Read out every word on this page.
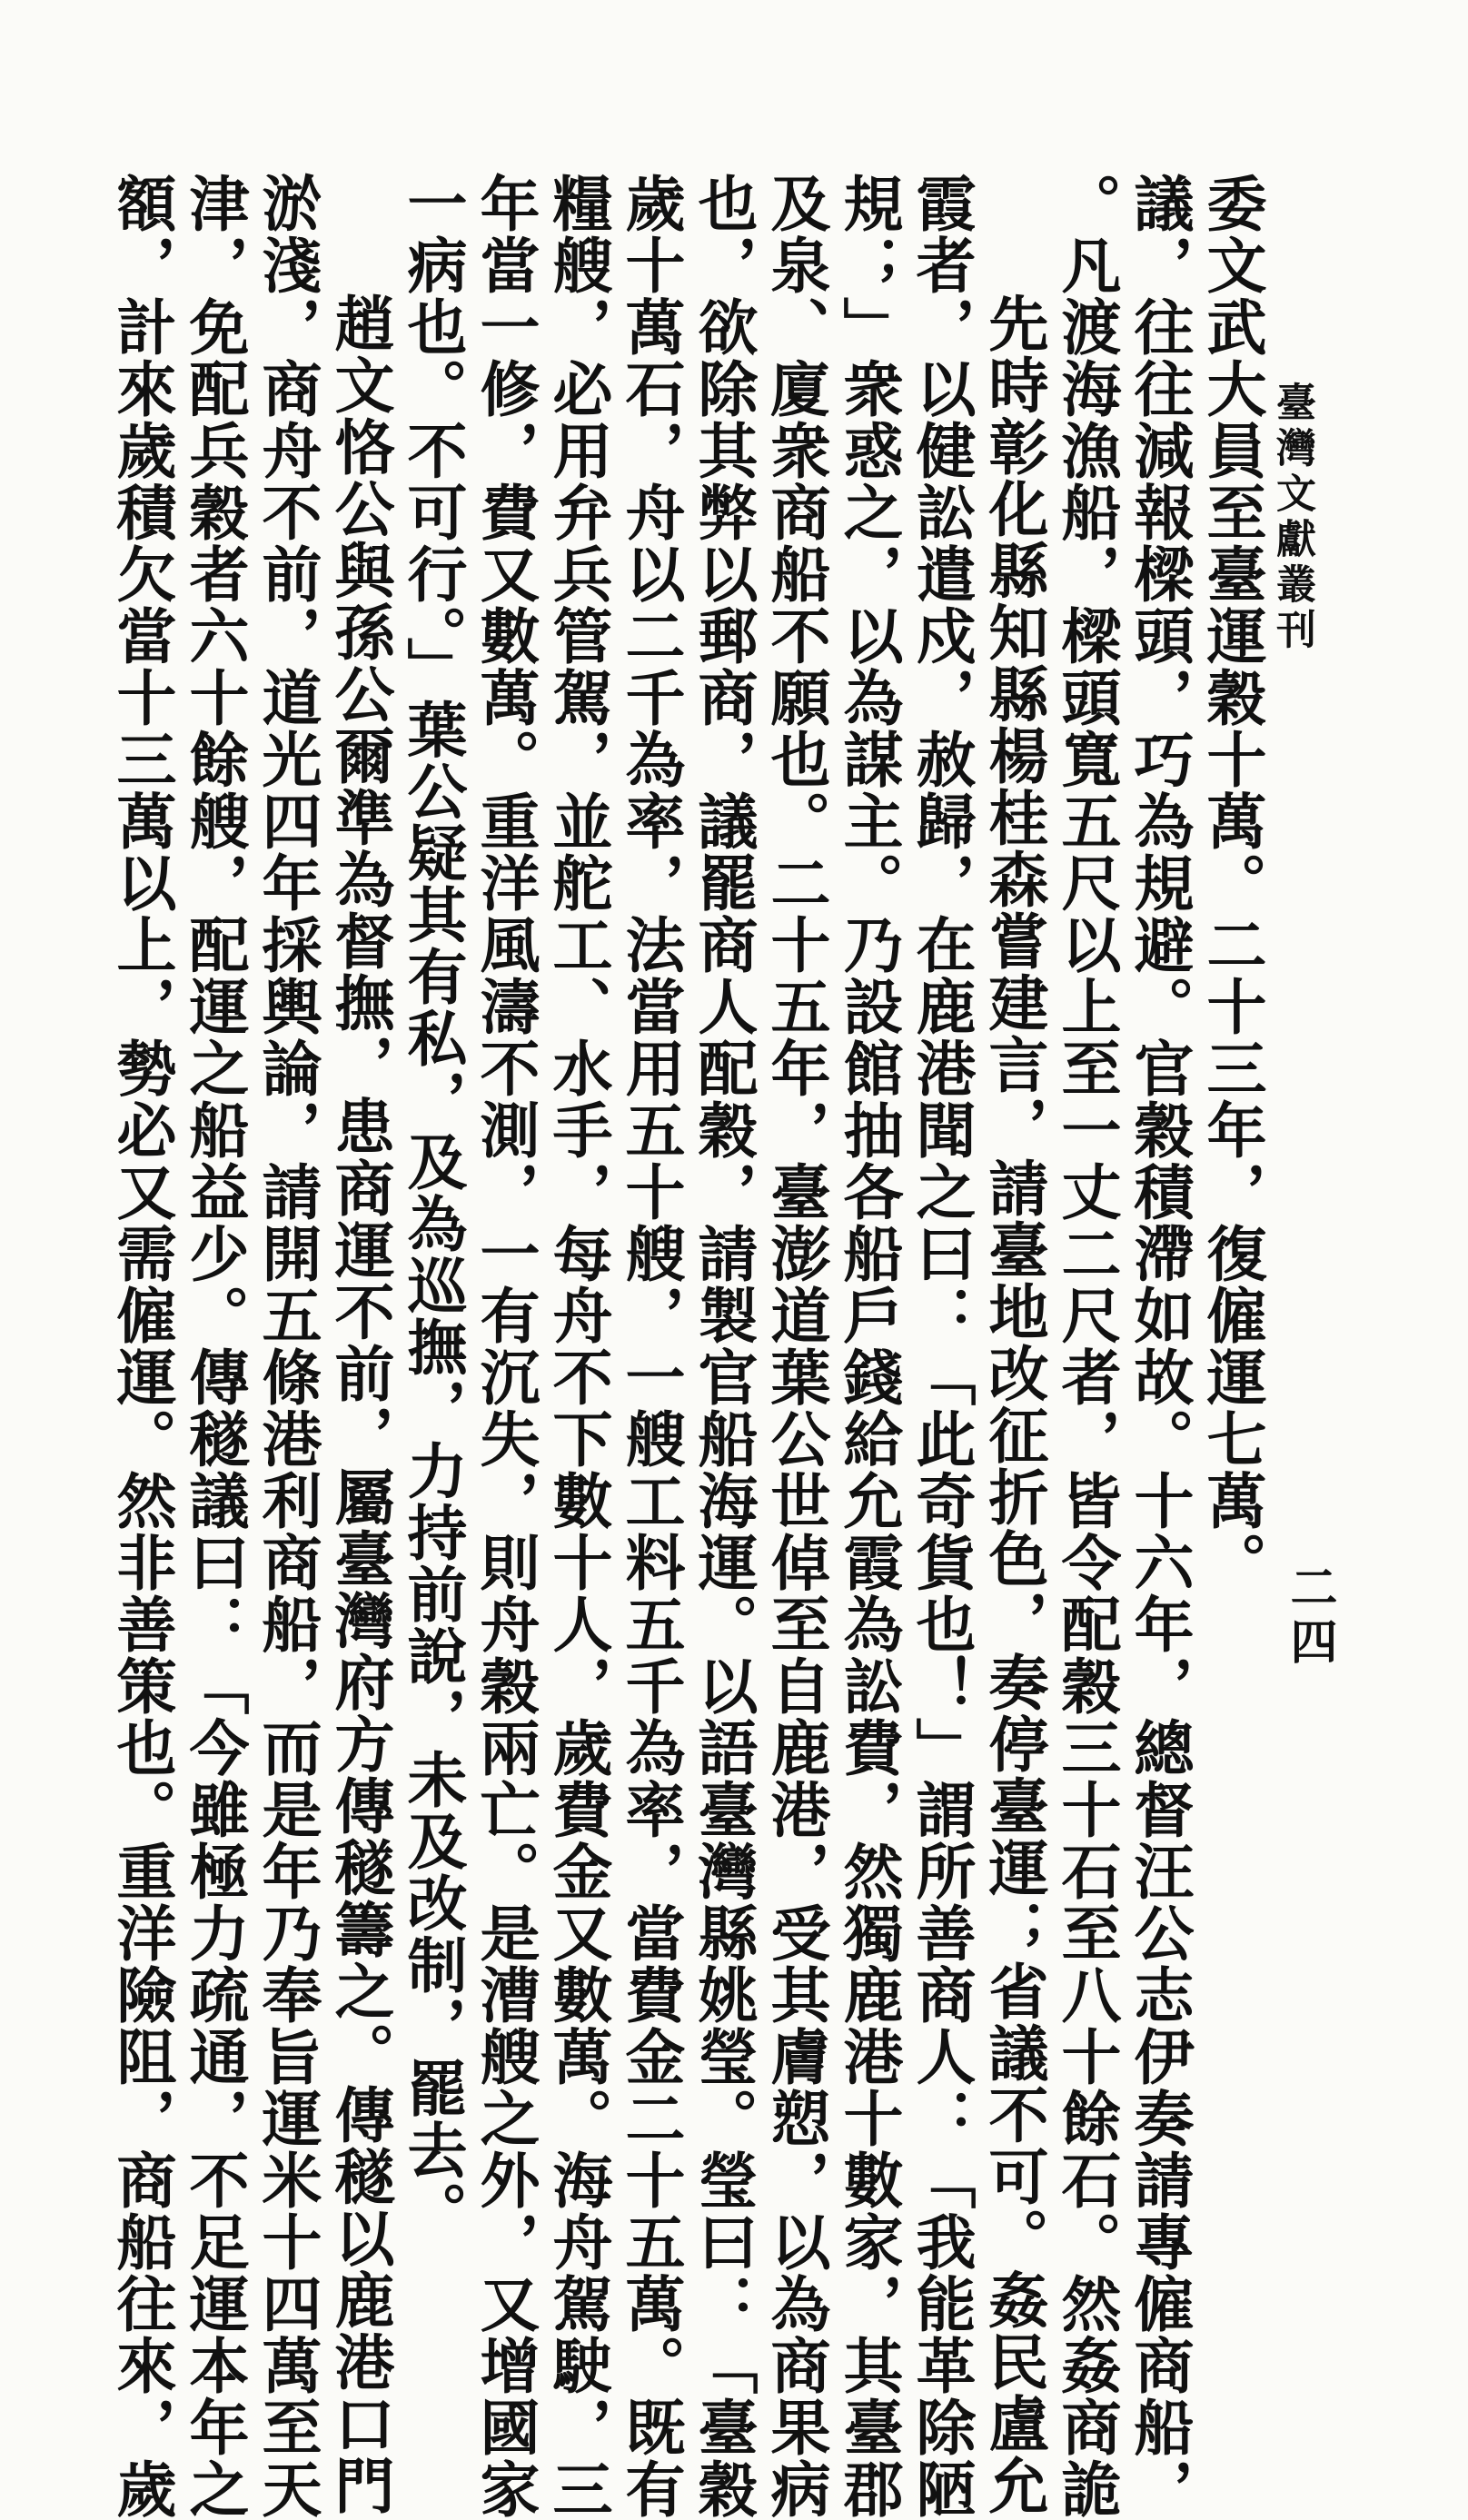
臺灣文獻叢刊
二四
委文武大員至臺運穀十萬。二十三年，復僱運七萬。
議，往往減報樑頭，巧為規避。官穀積滯如故。十六年，總督汪公志伊奏請專僱商船，
。凡渡海漁船，樑頭寬五尺以上至一丈二尺者，皆令配穀三十石至八十餘石。然姦商詭
先時彰化縣知縣楊桂森嘗建言，請臺地改征折色，奏停臺運；省議不可。姦民盧允
霞者，以健訟遣戍，赦歸，在鹿港聞之曰：「此奇貨也！」謂所善商人：「我能革除陋
規；」衆惑之，以為謀主。乃設館抽各船戶錢給允霞為訟費，然獨鹿港十數家，其臺郡
及泉、廈衆商船不願也。二十五年，臺澎道葉公世倬至自鹿港，受其膚愬，以為商果病
也，欲除其弊以郵商，議罷商人配穀，請製官船海運。以語臺灣縣姚瑩。瑩曰：「臺穀
歲十萬石，舟以二千為率，法當用五十艘，一艘工料五千為率，當費金二十五萬。既有
糧艘，必用弁兵管駕，並舵工、水手，每舟不下數十人，歲費金又數萬。海舟駕駛，三
年當一修，費又數萬。重洋風濤不測，一有沉失，則舟穀兩亡。是漕艘之外，又增國家
一病也。不可行。」葉公疑其有私，及為巡撫，力持前說，未及改制，罷去。
趙文恪公與孫公爾準為督撫，患商運不前，屬臺灣府方傳穟籌之。傳穟以鹿港口門
淤淺，商舟不前，道光四年採輿論，請開五條港利商船，而是年乃奉旨運米十四萬至天
津，免配兵穀者六十餘艘，配運之船益少。傳穟議曰：「今雖極力疏通，不足運本年之
額，計來歲積欠當十三萬以上，勢必又需僱運。然非善策也。重洋險阻，商船往來，歲
